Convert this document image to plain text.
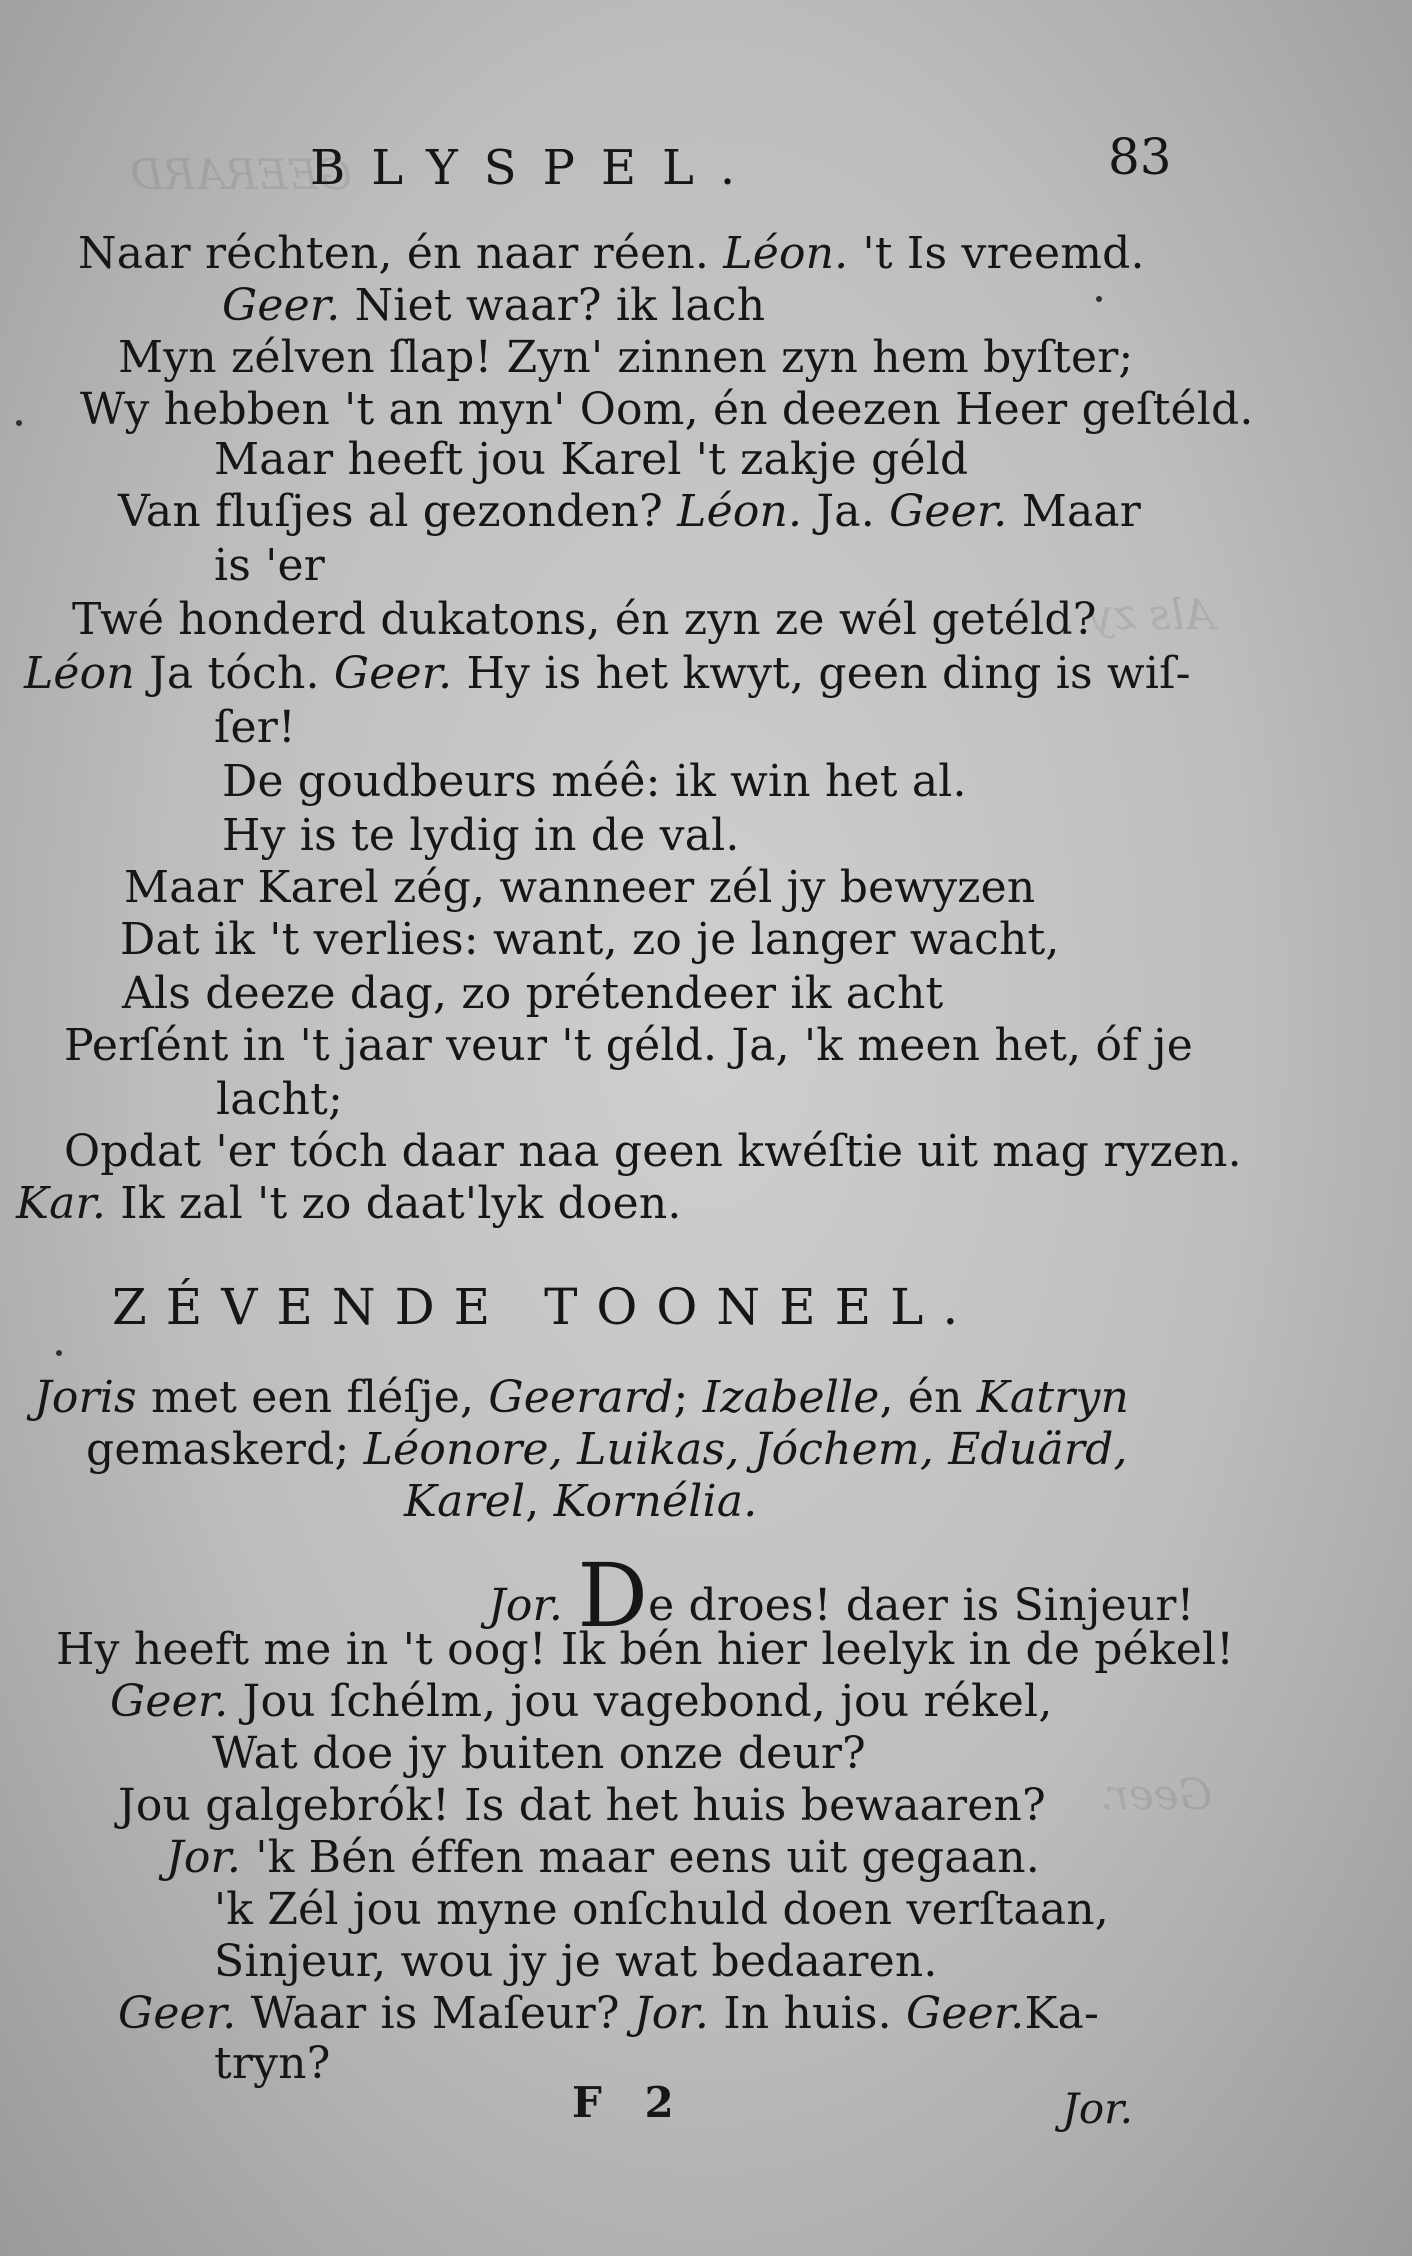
GEERARD
Als zy
Geer.
BLYSPEL.	83
Naar réchten, én naar réen. Léon. 't Is vreemd.
Geer. Niet waar? ik lach
Myn zélven ſlap! Zyn' zinnen zyn hem byſter;
Wy hebben 't an myn' Oom, én deezen Heer geſtéld.
Maar heeft jou Karel 't zakje géld
Van fluſjes al gezonden? Léon. Ja. Geer. Maar
is 'er
Twé honderd dukatons, én zyn ze wél getéld?
Léon Ja tóch. Geer. Hy is het kwyt, geen ding is wiſ-
ſer!
De goudbeurs méê: ik win het al.
Hy is te lydig in de val.
Maar Karel zég, wanneer zél jy bewyzen
Dat ik 't verlies: want, zo je langer wacht,
Als deeze dag, zo prétendeer ik acht
Perſént in 't jaar veur 't géld. Ja, 'k meen het, óf je
lacht;
Opdat 'er tóch daar naa geen kwéſtie uit mag ryzen.
Kar. Ik zal 't zo daat'lyk doen.
ZÉVENDE TOONEEL.
Joris met een fléſje, Geerard; Izabelle, én Katryn
gemaskerd; Léonore, Luikas, Jóchem, Eduärd,
Karel, Kornélia.
Jor. De droes! daer is Sinjeur!
Hy heeft me in 't oog! Ik bén hier leelyk in de pékel!
Geer. Jou ſchélm, jou vagebond, jou rékel,
Wat doe jy buiten onze deur?
Jou galgebrók! Is dat het huis bewaaren?
Jor. 'k Bén éffen maar eens uit gegaan.
'k Zél jou myne onſchuld doen verſtaan,
Sinjeur, wou jy je wat bedaaren.
Geer. Waar is Maſeur? Jor. In huis. Geer.Ka-
tryn?
F 2	Jor.
